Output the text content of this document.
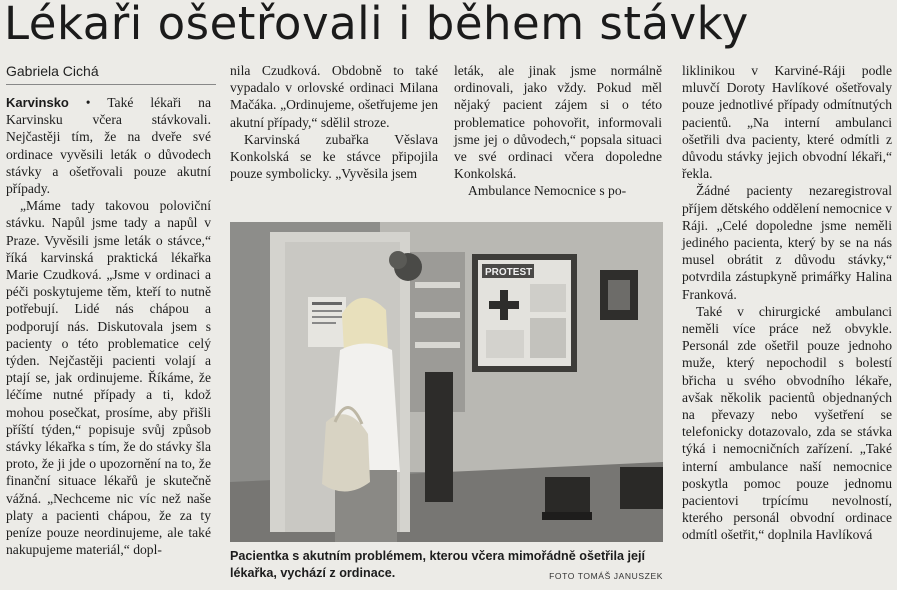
Lékaři ošetřovali i během stávky
Gabriela Cichá

Karvinsko • Také lékaři na Karvinsku včera stávkovali. Nejčastěji tím, že na dveře své ordinace vyvěsili leták o důvodech stávky a ošetřovali pouze akutní případy.

„Máme tady takovou poloviční stávku. Napůl jsme tady a napůl v Praze. Vyvěsili jsme leták o stávce,“ říká karvinská praktická lékařka Marie Czudková. „Jsme v ordinaci a péči poskytujeme těm, kteří to nutně potřebují. Lidé nás chápou a podporují nás. Diskutovala jsem s pacienty o této problematice celý týden. Nejčastěji pacienti volají a ptají se, jak ordinujeme. Říkáme, že léčíme nutné případy a ti, kdož mohou posečkat, prosíme, aby přišli příští týden,“ popisuje svůj způsob stávky lékařka s tím, že do stávky šla proto, že ji jde o upozornění na to, že finanční situace lékařů je skutečně vážná. „Nechceme nic víc než naše platy a pacienti chápou, že za ty peníze pouze neordinujeme, ale také nakupujeme materiál,“ dopl-

nila Czudková. Obdobně to také vypadalo v orlovské ordinaci Milana Mačáka. „Ordinujeme, ošetřujeme jen akutní případy,“ sdělil stroze.

Karvinská zubařka Věslava Konkolská se ke stávce připojila pouze symbolicky. „Vyvěsila jsem

leták, ale jinak jsme normálně ordinovali, jako vždy. Pokud měl nějaký pacient zájem si o této problematice pohovořit, informovali jsme jej o důvodech,“ popsala situaci ve své ordinaci včera dopoledne Konkolská.

Ambulance Nemocnice s po-

liklinikou v Karviné-Ráji podle mluvčí Doroty Havlíkové ošetřovaly pouze jednotlivé případy odmítnutých pacientů. „Na interní ambulanci ošetřili dva pacienty, které odmítli z důvodu stávky jejich obvodní lékaři,“ řekla.

Žádné pacienty nezaregistroval příjem dětského oddělení nemocnice v Ráji. „Celé dopoledne jsme neměli jediného pacienta, který by se na nás musel obrátit z důvodu stávky,“ potvrdila zástupkyně primářky Halina Franková.

Také v chirurgické ambulanci neměli více práce než obvykle. Personál zde ošetřil pouze jednoho muže, který nepochodil s bolestí břicha u svého obvodního lékaře, avšak několik pacientů objednaných na převazy nebo vyšetření se telefonicky dotazovalo, zda se stávka týká i nemocničních zařízení. „Také interní ambulance naší nemocnice poskytla pomoc pouze jednomu pacientovi trpícímu nevolností, kterého personál obvodní ordinace odmítl ošetřit,“ doplnila Havlíková

PROTEST
Pacientka s akutním problémem, kterou včera mimořádně ošetřila její lékařka, vychází z ordinace.	FOTO TOMÁŠ JANUSZEK
